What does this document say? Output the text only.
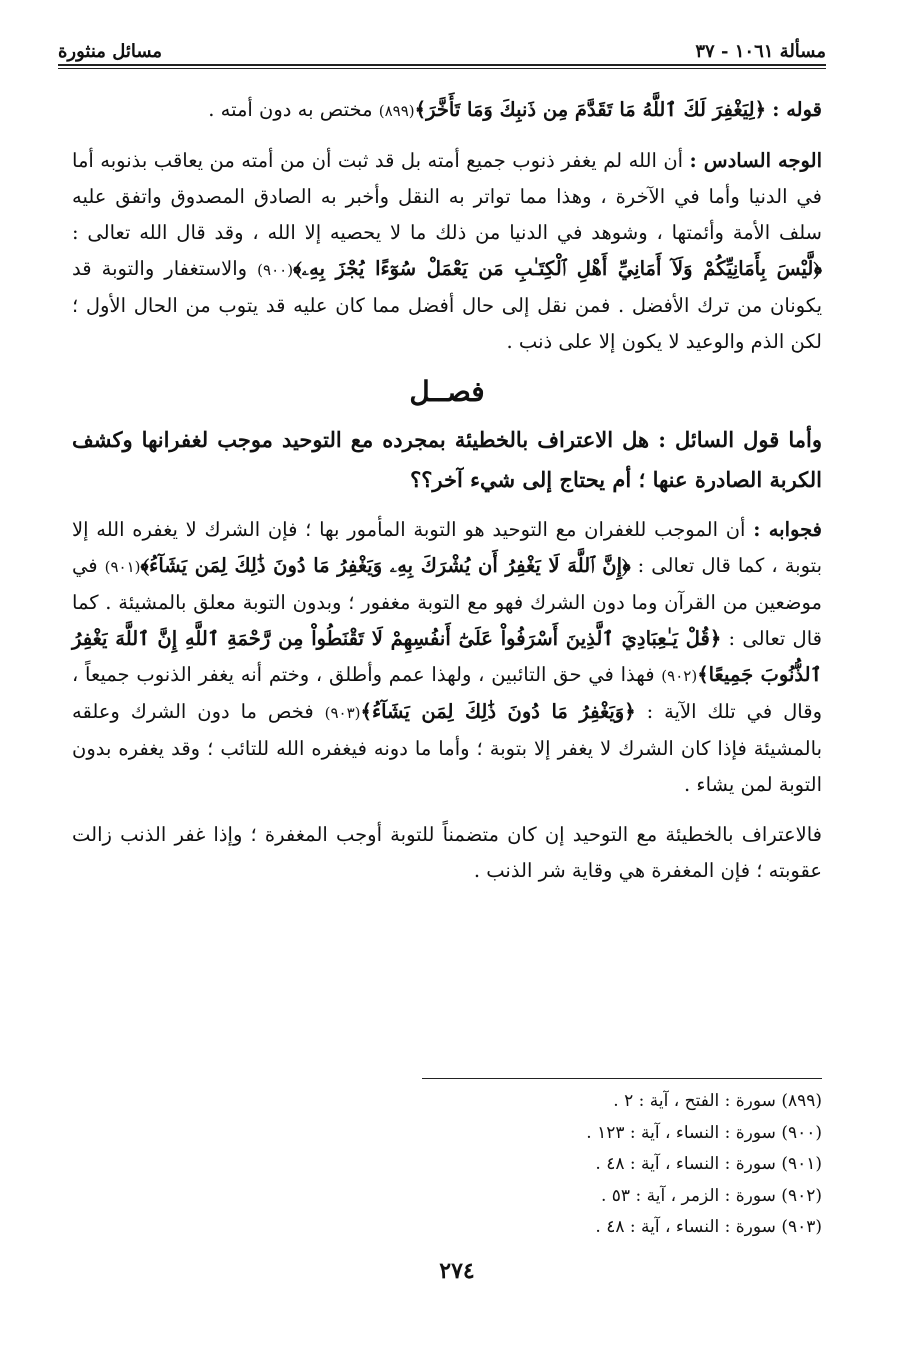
مسألة ١٠٦١ - ٣٧
مسائل منثورة

قوله : ﴿لِيَغْفِرَ لَكَ ٱللَّهُ مَا تَقَدَّمَ مِن ذَنبِكَ وَمَا تَأَخَّرَ﴾(٨٩٩) مختص به دون أمته .

الوجه السادس : أن الله لم يغفر ذنوب جميع أمته بل قد ثبت أن من أمته من يعاقب بذنوبه أما في الدنيا وأما في الآخرة ، وهذا مما تواتر به النقل وأخبر به الصادق المصدوق واتفق عليه سلف الأمة وأئمتها ، وشوهد في الدنيا من ذلك ما لا يحصيه إلا الله ، وقد قال الله تعالى : ﴿لَّيْسَ بِأَمَانِيِّكُمْ وَلَآ أَمَانِيِّ أَهْلِ ٱلْكِتَـٰبِ مَن يَعْمَلْ سُوٓءًا يُجْزَ بِهِۦ﴾(٩٠٠) والاستغفار والتوبة قد يكونان من ترك الأفضل . فمن نقل إلى حال أفضل مما كان عليه قد يتوب من الحال الأول ؛ لكن الذم والوعيد لا يكون إلا على ذنب .

فصــل

وأما قول السائل : هل الاعتراف بالخطيئة بمجرده مع التوحيد موجب لغفرانها وكشف الكربة الصادرة عنها ؛ أم يحتاج إلى شيء آخر؟؟

فجوابه : أن الموجب للغفران مع التوحيد هو التوبة المأمور بها ؛ فإن الشرك لا يغفره الله إلا بتوبة ، كما قال تعالى : ﴿إِنَّ ٱللَّهَ لَا يَغْفِرُ أَن يُشْرَكَ بِهِۦ وَيَغْفِرُ مَا دُونَ ذَٰلِكَ لِمَن يَشَآءُ﴾(٩٠١) في موضعين من القرآن وما دون الشرك فهو مع التوبة مغفور ؛ وبدون التوبة معلق بالمشيئة . كما قال تعالى : ﴿قُلْ يَـٰعِبَادِيَ ٱلَّذِينَ أَسْرَفُواْ عَلَىٰٓ أَنفُسِهِمْ لَا تَقْنَطُواْ مِن رَّحْمَةِ ٱللَّهِ إِنَّ ٱللَّهَ يَغْفِرُ ٱلذُّنُوبَ جَمِيعًا﴾(٩٠٢) فهذا في حق التائبين ، ولهذا عمم وأطلق ، وختم أنه يغفر الذنوب جميعاً ، وقال في تلك الآية : ﴿وَيَغْفِرُ مَا دُونَ ذَٰلِكَ لِمَن يَشَآءُ﴾(٩٠٣) فخص ما دون الشرك وعلقه بالمشيئة فإذا كان الشرك لا يغفر إلا بتوبة ؛ وأما ما دونه فيغفره الله للتائب ؛ وقد يغفره بدون التوبة لمن يشاء .

فالاعتراف بالخطيئة مع التوحيد إن كان متضمناً للتوبة أوجب المغفرة ؛ وإذا غفر الذنب زالت عقوبته ؛ فإن المغفرة هي وقاية شر الذنب .

(٨٩٩) سورة : الفتح ، آية : ٢ .
(٩٠٠) سورة : النساء ، آية : ١٢٣ .
(٩٠١) سورة : النساء ، آية : ٤٨ .
(٩٠٢) سورة : الزمر ، آية : ٥٣ .
(٩٠٣) سورة : النساء ، آية : ٤٨ .
٢٧٤
